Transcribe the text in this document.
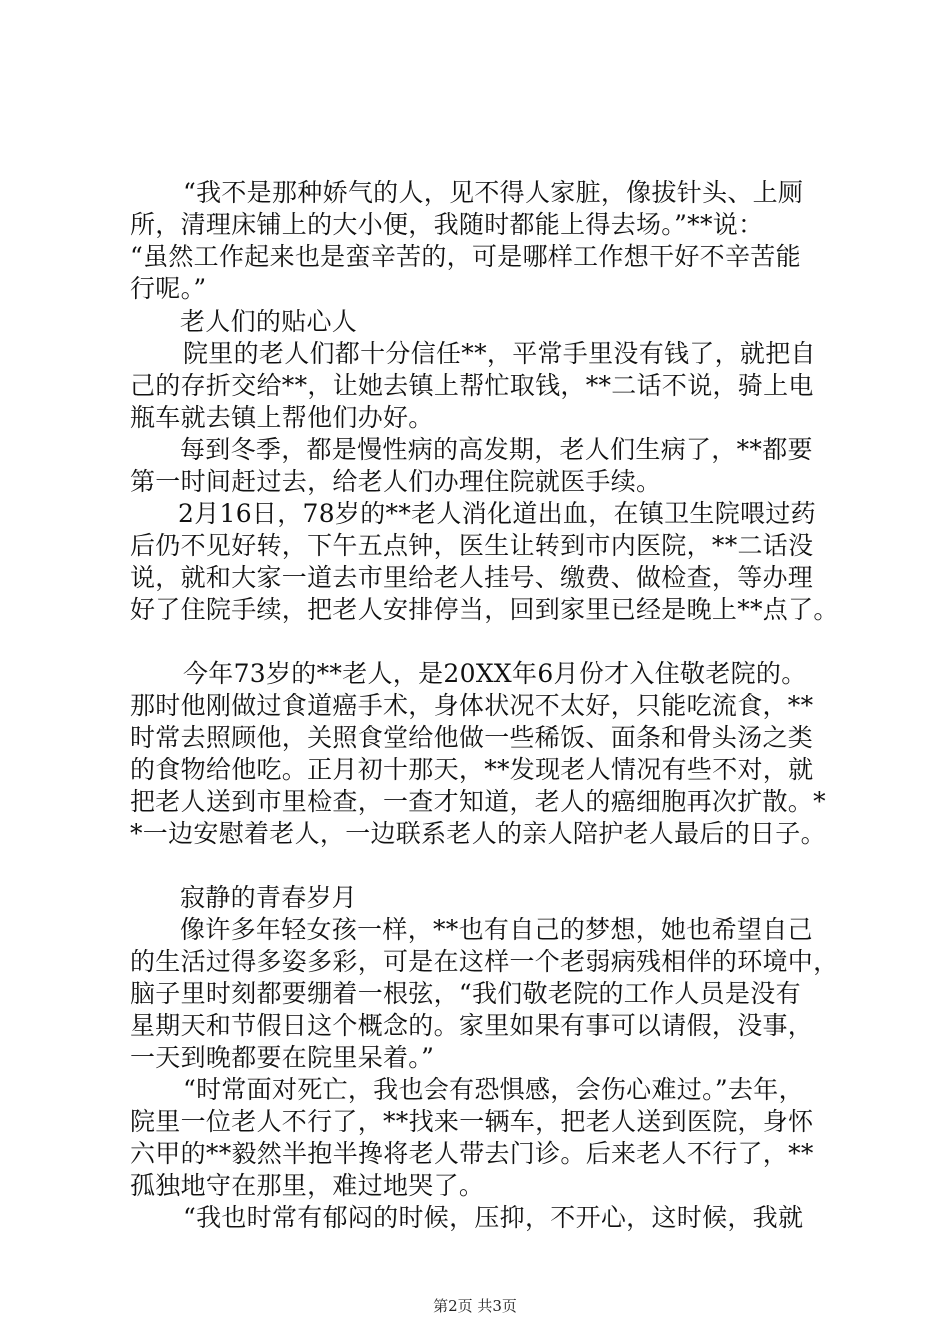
“我不是那种娇气的人，见不得人家脏，像拔针头、上厕
所，清理床铺上的大小便，我随时都能上得去场。”**说：
“虽然工作起来也是蛮辛苦的，可是哪样工作想干好不辛苦能
行呢。”
老人们的贴心人
院里的老人们都十分信任**，平常手里没有钱了，就把自
己的存折交给**，让她去镇上帮忙取钱，**二话不说，骑上电
瓶车就去镇上帮他们办好。
每到冬季，都是慢性病的高发期，老人们生病了，**都要
第一时间赶过去，给老人们办理住院就医手续。
2月16日，78岁的**老人消化道出血，在镇卫生院喂过药
后仍不见好转，下午五点钟，医生让转到市内医院，**二话没
说，就和大家一道去市里给老人挂号、缴费、做检查，等办理
好了住院手续，把老人安排停当，回到家里已经是晚上**点了。
今年73岁的**老人，是20XX年6月份才入住敬老院的。
那时他刚做过食道癌手术，身体状况不太好，只能吃流食，**
时常去照顾他，关照食堂给他做一些稀饭、面条和骨头汤之类
的食物给他吃。正月初十那天，**发现老人情况有些不对，就
把老人送到市里检查，一查才知道，老人的癌细胞再次扩散。*
*一边安慰着老人，一边联系老人的亲人陪护老人最后的日子。
寂静的青春岁月
像许多年轻女孩一样，**也有自己的梦想，她也希望自己
的生活过得多姿多彩，可是在这样一个老弱病残相伴的环境中，
脑子里时刻都要绷着一根弦，“我们敬老院的工作人员是没有
星期天和节假日这个概念的。家里如果有事可以请假，没事，
一天到晚都要在院里呆着。”
“时常面对死亡，我也会有恐惧感，会伤心难过。”去年，
院里一位老人不行了，**找来一辆车，把老人送到医院，身怀
六甲的**毅然半抱半搀将老人带去门诊。后来老人不行了，**
孤独地守在那里，难过地哭了。
“我也时常有郁闷的时候，压抑，不开心，这时候，我就
第2页 共3页
